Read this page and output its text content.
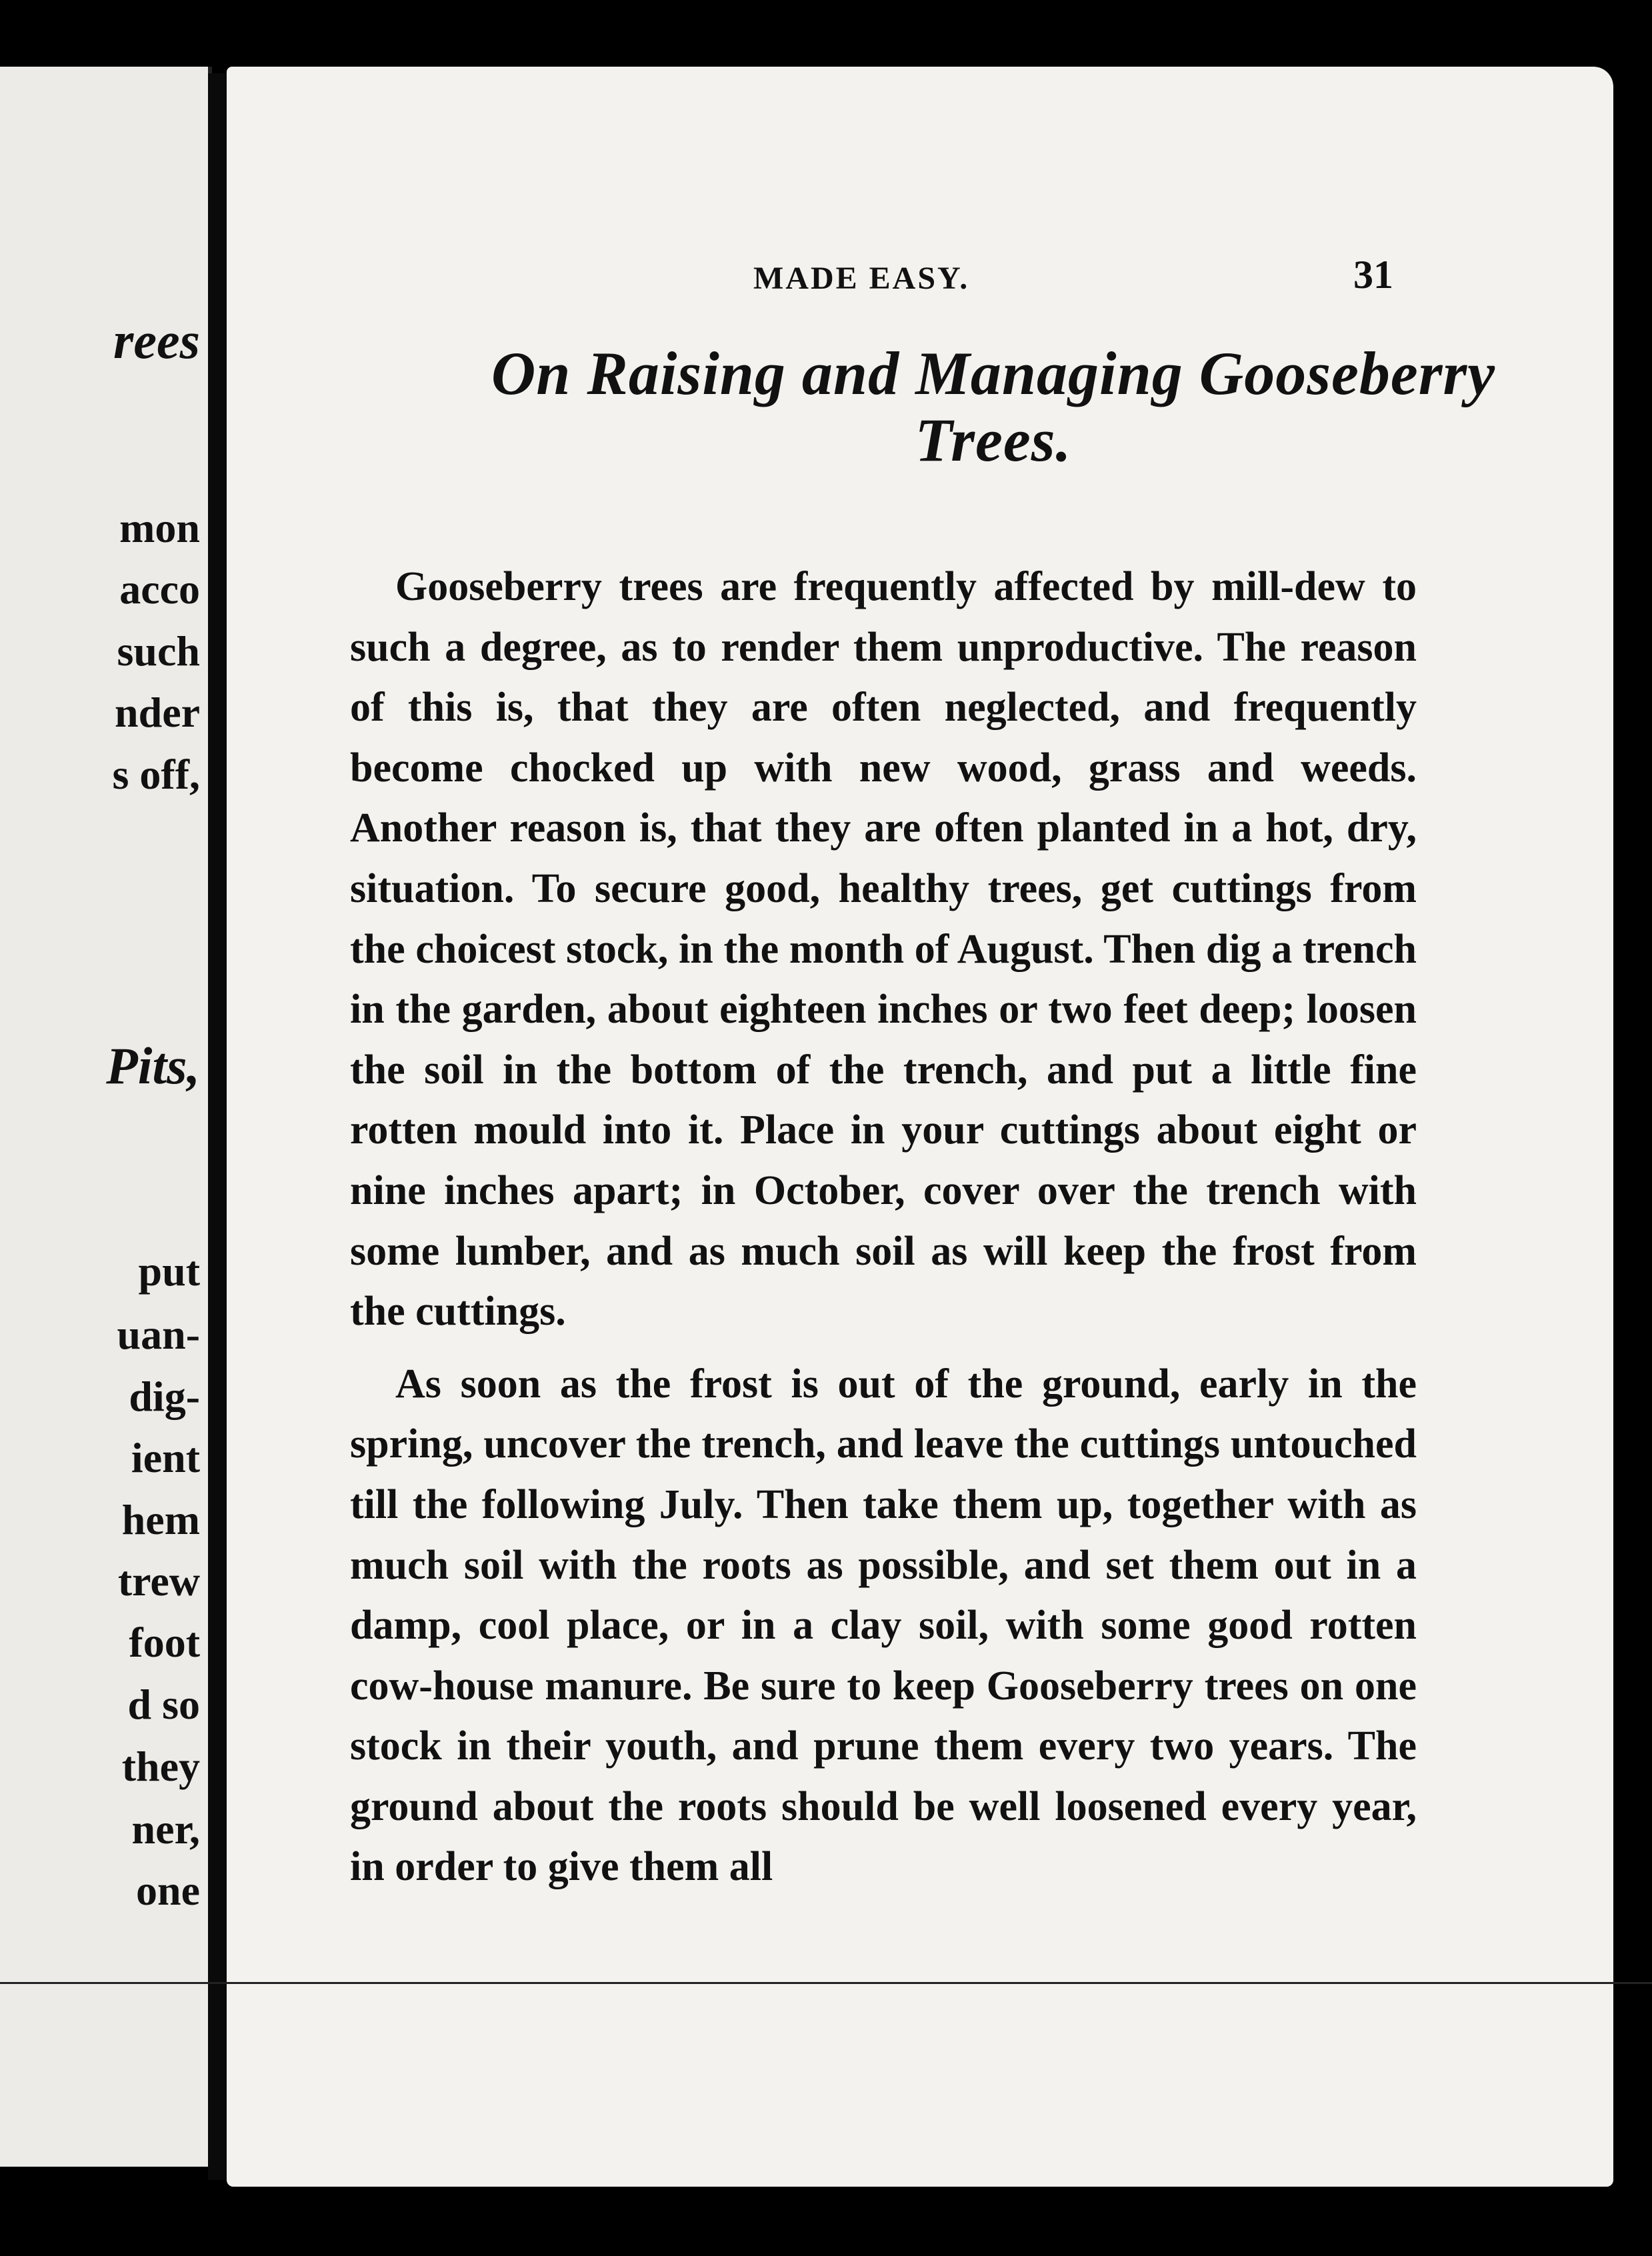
rees
mon
acco
such
nder
s off,
Pits,
put
uan-
dig-
ient
hem
trew
foot
d so
they
ner,
one
MADE EASY.	31
On Raising and Managing Gooseberry
Trees.

Gooseberry trees are frequently affected by mill-dew to such a degree, as to render them unproductive. The reason of this is, that they are often neglected, and frequently become chocked up with new wood, grass and weeds. Another reason is, that they are often planted in a hot, dry, situation. To secure good, healthy trees, get cuttings from the choicest stock, in the month of August. Then dig a trench in the garden, about eighteen inches or two feet deep; loosen the soil in the bottom of the trench, and put a little fine rotten mould into it. Place in your cuttings about eight or nine inches apart; in October, cover over the trench with some lumber, and as much soil as will keep the frost from the cuttings.

As soon as the frost is out of the ground, early in the spring, uncover the trench, and leave the cuttings untouched till the following July. Then take them up, together with as much soil with the roots as possible, and set them out in a damp, cool place, or in a clay soil, with some good rotten cow-house manure. Be sure to keep Gooseberry trees on one stock in their youth, and prune them every two years. The ground about the roots should be well loosened every year, in order to give them all
